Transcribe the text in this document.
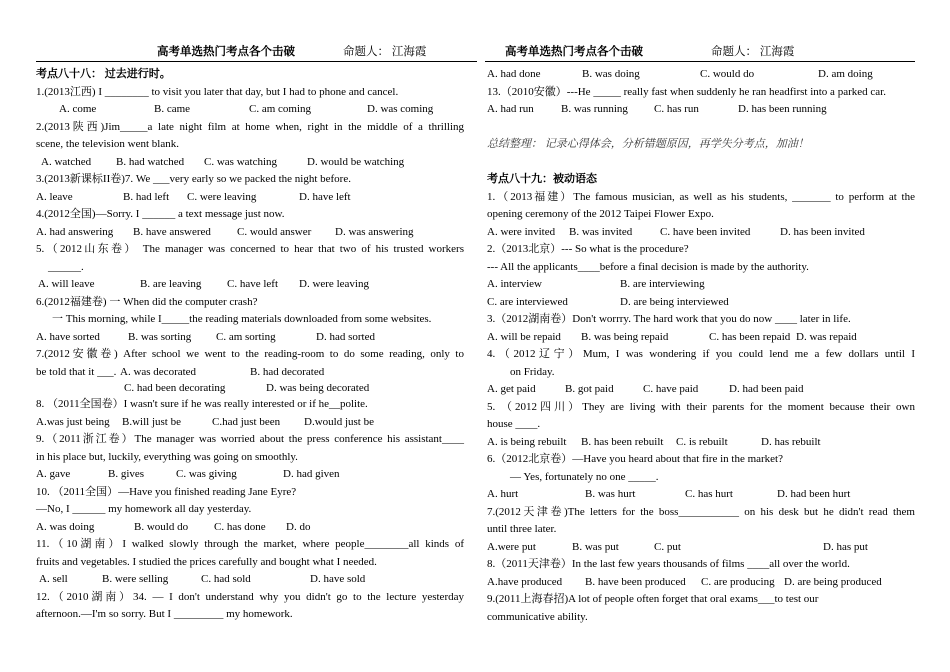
高考单选热门考点各个击破	命题人： 江海霞	高考单选热门考点各个击破	命题人： 江海霞
考点八十八： 过去进行时。
1.(2013江西) I ________ to visit you later that day, but I had to phone and cancel.
A. come	B. came	C. am coming	D. was coming
2.(2013陕西)Jim_____a late night film at home when, right in the middle of a thrilling
scene, the television went blank.
A. watched B. had watched C. was watching	D. would be watching
3.(2013新课标II卷)7. We ___very early so we packed the night before.
A. leave	B. had left C. were leaving	D. have left
4.(2012全国)—Sorry. I ______ a text message just now.
A. had answering B. have answered C. would answer D. was answering
5.（2012山东卷） The manager was concerned to hear that two of his trusted workers
______.
A. will leave	B. are leaving C. have left D. were leaving
6.(2012福建卷) 一 When did the computer crash?
一 This morning, while I_____the reading materials downloaded from some websites.
A. have sorted	B. was sorting C. am sorting	D. had sorted
7.(2012安徽卷) After school we went to the reading-room to do some reading, only to
be told that it ___. A. was decorated	B. had decorated
C. had been decorating	D. was being decorated
8. （2011全国卷）I wasn't sure if he was really interested or if he__polite.
A.was just being B.will just be	C.had just been D.would just be
9.（2011浙江卷）The manager was worried about the press conference his assistant____
in his place but, luckily, everything was going on smoothly.
A. gave	B. gives	C. was giving	D. had given
10. （2011全国）—Have you finished reading Jane Eyre?
—No, I ______ my homework all day yesterday.
A. was doing	B. would do C. has done D. do
11.（10湖南）I walked slowly through the market, where people________all kinds of
fruits and vegetables. I studied the prices carefully and bought what I needed.
A. sell	B. were selling	C. had sold	D. have sold
12.（2010湖南）34. — I don't understand why you didn't go to the lecture yesterday
afternoon.—I'm so sorry. But I _________ my homework.
A. had done	B. was doing	C. would do	D. am doing
13.（2010安徽）---He _____ really fast when suddenly he ran headfirst into a parked car.
A. had run B. was running C. has run	D. has been running
总结整理： 记录心得体会，分析错题原因，再学失分考点，加油！
考点八十九：被动语态
1.（2013福建）The famous musician, as well as his students, _______ to perform at the
opening ceremony of the 2012 Taipei Flower Expo.
A. were invited B. was invited	C. have been invited	D. has been invited
2.（2013北京）--- So what is the procedure?
--- All the applicants____before a final decision is made by the authority.
A. interview	B. are interviewing
C. are interviewed	D. are being interviewed
3.（2012湖南卷）Don't worrry. The hard work that you do now ____ later in life.
A. will be repaid B. was being repaid	C. has been repaid D. was repaid
4.（2012辽宁）Mum, I was wondering if you could lend me a few dollars until I
on Friday.
A. get paid	B. got paid	C. have paid	D. had been paid
5. （2012四川）They are living with their parents for the moment because their own
house ____.
A. is being rebuilt B. has been rebuilt C. is rebuilt	D. has rebuilt
6.（2012北京卷）—Have you heard about that fire in the market?
— Yes, fortunately no one _____.
A. hurt	B. was hurt	C. has hurt	D. had been hurt
7.(2012天津卷)The letters for the boss___________ on his desk but he didn't read them
until three later.
A.were put	B. was put	C. put	D. has put
8.（2011天津卷）In the last few years thousands of films ____all over the world.
A.have produced B. have been produced C. are producing D. are being produced
9.(2011上海春招)A lot of people often forget that oral exams___to test our
communicative ability.
